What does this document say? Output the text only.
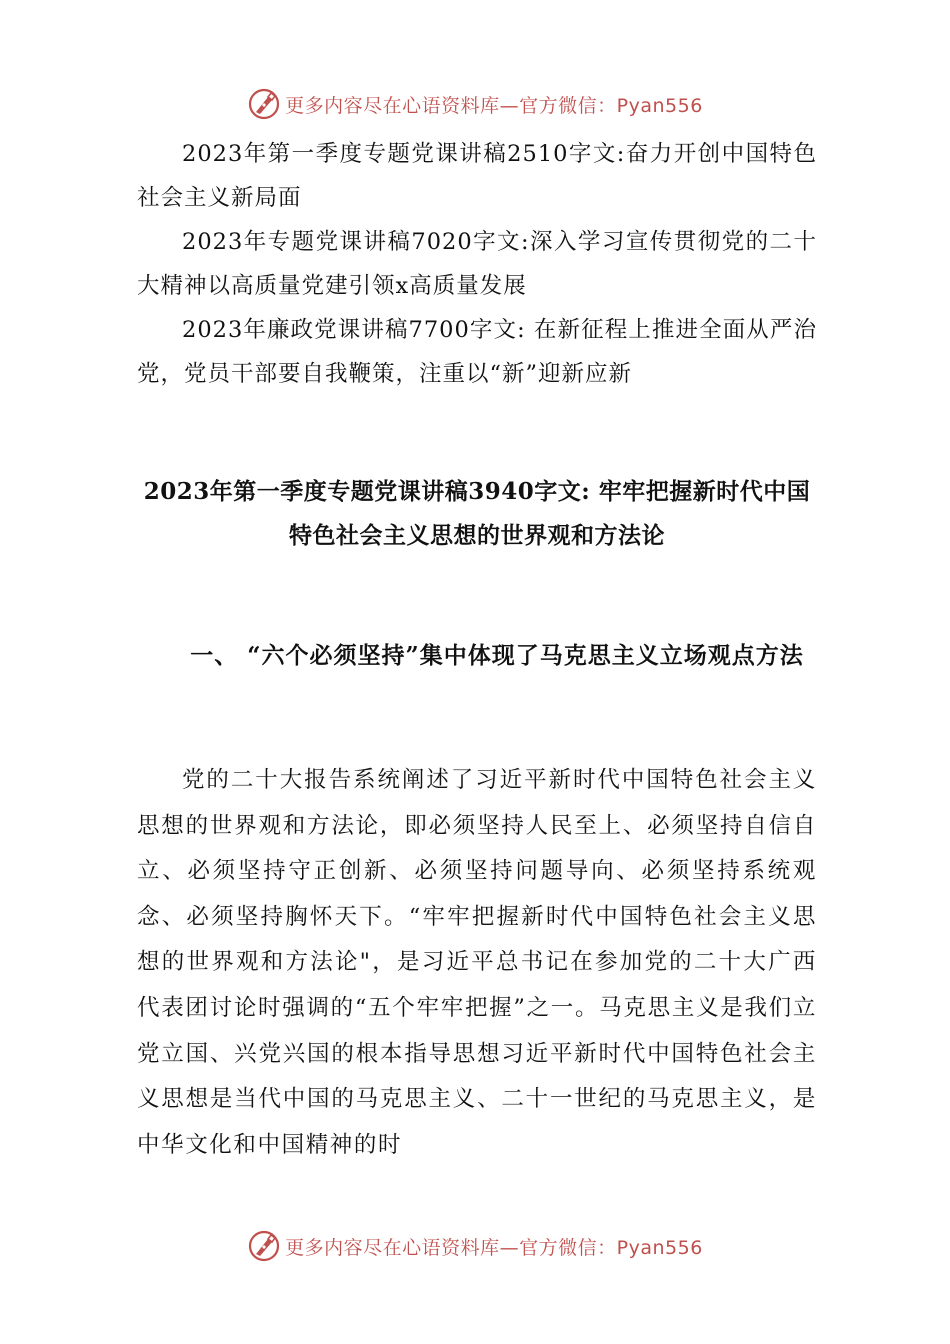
更多内容尽在心语资料库—官方微信：Pyan556

2023年第一季度专题党课讲稿2510字文:奋力开创中国特色社会主义新局面

2023年专题党课讲稿7020字文:深入学习宣传贯彻党的二十大精神以高质量党建引领x高质量发展

2023年廉政党课讲稿7700字文: 在新征程上推进全面从严治党，党员干部要自我鞭策，注重以“新”迎新应新

2023年第一季度专题党课讲稿3940字文: 牢牢把握新时代中国特色社会主义思想的世界观和方法论
一、 “六个必须坚持”集中体现了马克思主义立场观点方法

党的二十大报告系统阐述了习近平新时代中国特色社会主义思想的世界观和方法论，即必须坚持人民至上、必须坚持自信自立、必须坚持守正创新、必须坚持问题导向、必须坚持系统观念、必须坚持胸怀天下。“牢牢把握新时代中国特色社会主义思想的世界观和方法论"，是习近平总书记在参加党的二十大广西代表团讨论时强调的“五个牢牢把握”之一。马克思主义是我们立党立国、兴党兴国的根本指导思想习近平新时代中国特色社会主义思想是当代中国的马克思主义、二十一世纪的马克思主义，是中华文化和中国精神的时

更多内容尽在心语资料库—官方微信：Pyan556
